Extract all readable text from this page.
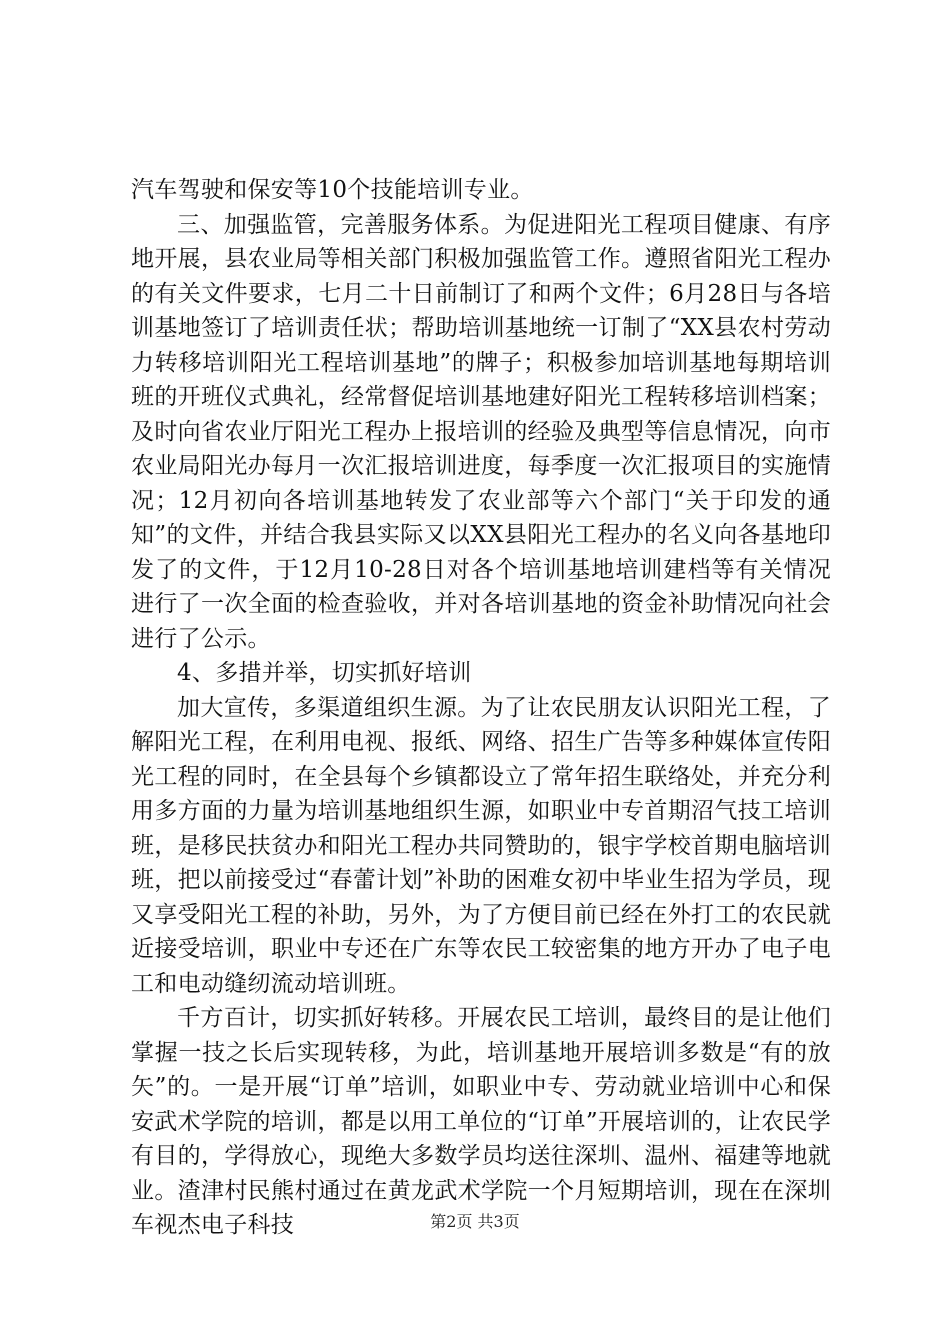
汽车驾驶和保安等10个技能培训专业。

三、加强监管，完善服务体系。为促进阳光工程项目健康、有序地开展，县农业局等相关部门积极加强监管工作。遵照省阳光工程办的有关文件要求，七月二十日前制订了和两个文件；6月28日与各培训基地签订了培训责任状；帮助培训基地统一订制了“XX县农村劳动力转移培训阳光工程培训基地”的牌子；积极参加培训基地每期培训班的开班仪式典礼，经常督促培训基地建好阳光工程转移培训档案；及时向省农业厅阳光工程办上报培训的经验及典型等信息情况，向市农业局阳光办每月一次汇报培训进度，每季度一次汇报项目的实施情况；12月初向各培训基地转发了农业部等六个部门“关于印发的通知”的文件，并结合我县实际又以XX县阳光工程办的名义向各基地印发了的文件，于12月10-28日对各个培训基地培训建档等有关情况进行了一次全面的检查验收，并对各培训基地的资金补助情况向社会进行了公示。

4、多措并举，切实抓好培训

加大宣传，多渠道组织生源。为了让农民朋友认识阳光工程，了解阳光工程，在利用电视、报纸、网络、招生广告等多种媒体宣传阳光工程的同时，在全县每个乡镇都设立了常年招生联络处，并充分利用多方面的力量为培训基地组织生源，如职业中专首期沼气技工培训班，是移民扶贫办和阳光工程办共同赞助的，银宇学校首期电脑培训班，把以前接受过“春蕾计划”补助的困难女初中毕业生招为学员，现又享受阳光工程的补助，另外，为了方便目前已经在外打工的农民就近接受培训，职业中专还在广东等农民工较密集的地方开办了电子电工和电动缝纫流动培训班。

千方百计，切实抓好转移。开展农民工培训，最终目的是让他们掌握一技之长后实现转移，为此，培训基地开展培训多数是“有的放矢”的。一是开展“订单”培训，如职业中专、劳动就业培训中心和保安武术学院的培训，都是以用工单位的“订单”开展培训的，让农民学有目的，学得放心，现绝大多数学员均送往深圳、温州、福建等地就业。渣津村民熊村通过在黄龙武术学院一个月短期培训，现在在深圳车视杰电子科技	第2页 共3页
